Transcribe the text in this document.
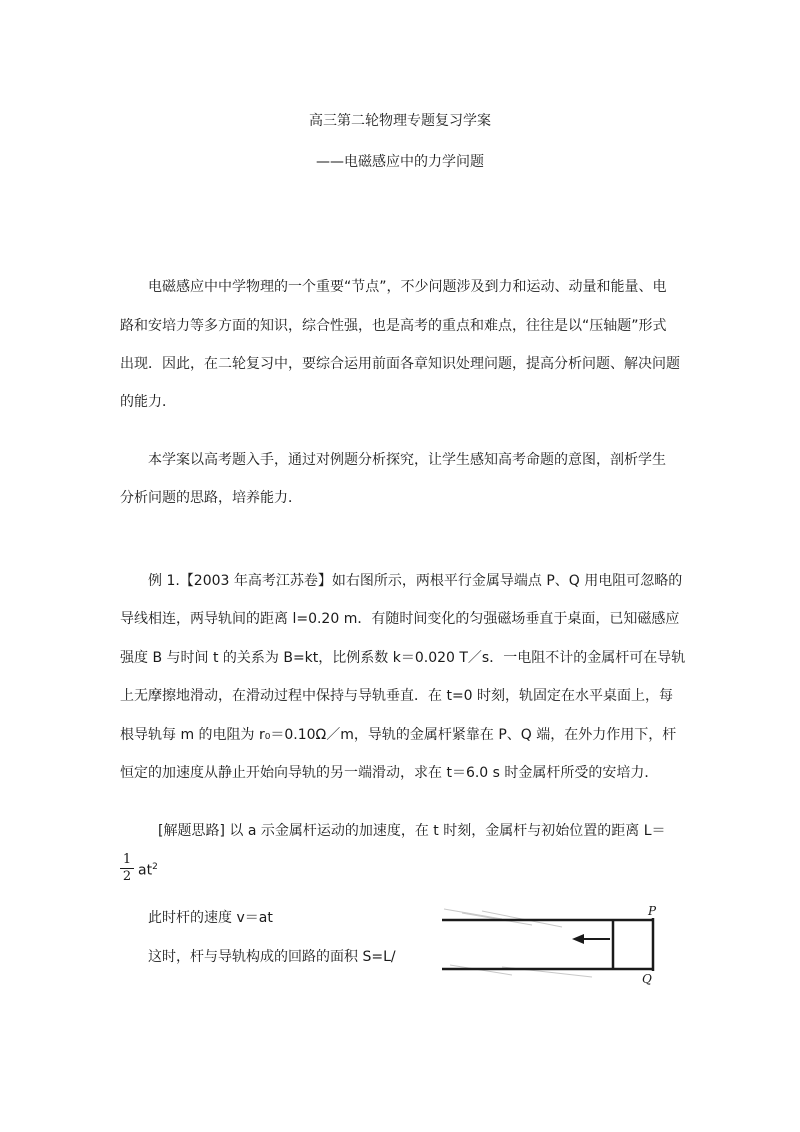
高三第二轮物理专题复习学案
——电磁感应中的力学问题
电磁感应中中学物理的一个重要“节点”，不少问题涉及到力和运动、动量和能量、电
路和安培力等多方面的知识，综合性强，也是高考的重点和难点，往往是以“压轴题”形式
出现．因此，在二轮复习中，要综合运用前面各章知识处理问题，提高分析问题、解决问题
的能力．
本学案以高考题入手，通过对例题分析探究，让学生感知高考命题的意图，剖析学生
分析问题的思路，培养能力．
例 1.【2003 年高考江苏卷】如右图所示，两根平行金属导端点 P、Q 用电阻可忽略的
导线相连，两导轨间的距离 l=0.20 m．有随时间变化的匀强磁场垂直于桌面，已知磁感应
强度 B 与时间 t 的关系为 B=kt，比例系数 k＝0.020 T／s．一电阻不计的金属杆可在导轨
上无摩擦地滑动，在滑动过程中保持与导轨垂直．在 t=0 时刻，轨固定在水平桌面上，每
根导轨每 m 的电阻为 r₀＝0.10Ω／m，导轨的金属杆紧靠在 P、Q 端，在外力作用下，杆
恒定的加速度从静止开始向导轨的另一端滑动，求在 t＝6.0 s 时金属杆所受的安培力．
[解题思路] 以 a 示金属杆运动的加速度，在 t 时刻，金属杆与初始位置的距离 L＝
$\frac{1}{2} at^2$
此时杆的速度 v＝at
这时，杆与导轨构成的回路的面积 S=L/
P
Q
